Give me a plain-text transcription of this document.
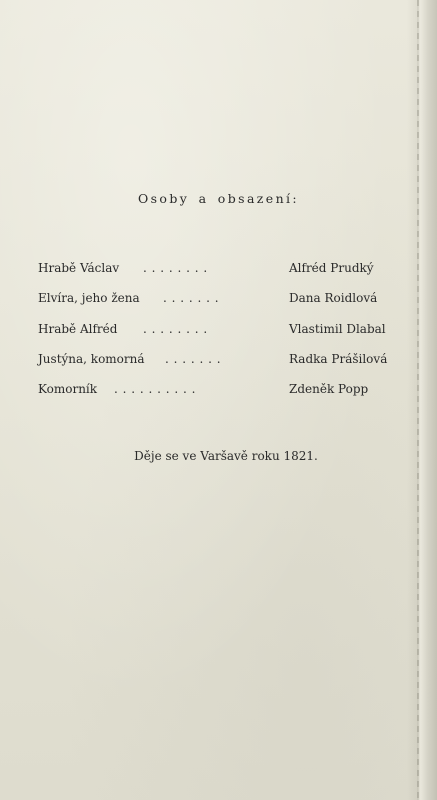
Osoby a obsazení:
Hrabě Václav . . . . . . . .	Alfréd Prudký
Elvíra, jeho žena . . . . . . .	Dana Roidlová
Hrabě Alfréd . . . . . . . .	Vlastimil Dlabal
Justýna, komorná . . . . . . .	Radka Prášilová
Komorník . . . . . . . . . .	Zdeněk Popp
Děje se ve Varšavě roku 1821.
